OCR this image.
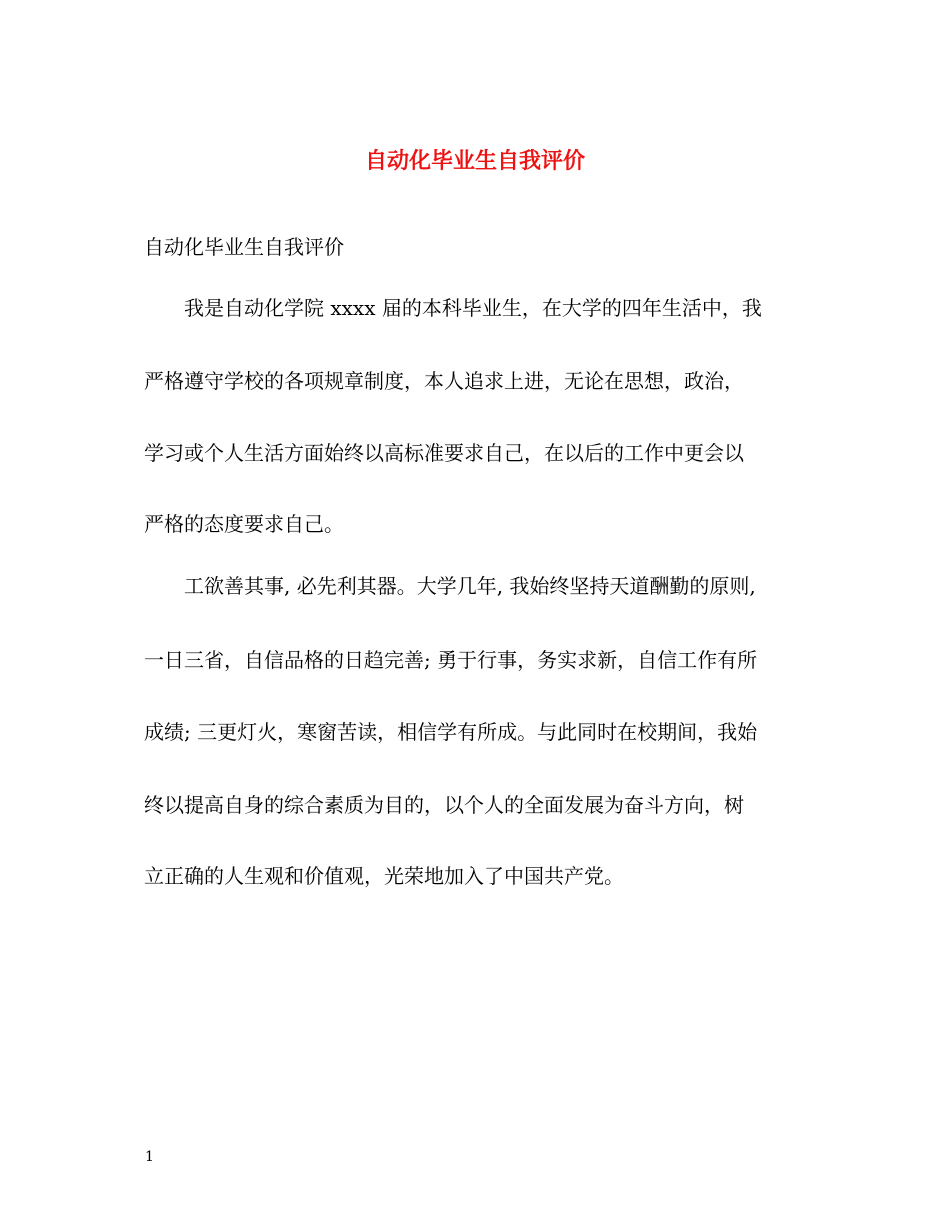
自动化毕业生自我评价
自动化毕业生自我评价
我是自动化学院 xxxx 届的本科毕业生，在大学的四年生活中，我
严格遵守学校的各项规章制度，本人追求上进，无论在思想，政治，
学习或个人生活方面始终以高标准要求自己，在以后的工作中更会以
严格的态度要求自己。
工欲善其事, 必先利其器。大学几年, 我始终坚持天道酬勤的原则,
一日三省，自信品格的日趋完善; 勇于行事，务实求新，自信工作有所
成绩; 三更灯火，寒窗苦读，相信学有所成。与此同时在校期间，我始
终以提高自身的综合素质为目的，以个人的全面发展为奋斗方向，树
立正确的人生观和价值观，光荣地加入了中国共产党。
1
